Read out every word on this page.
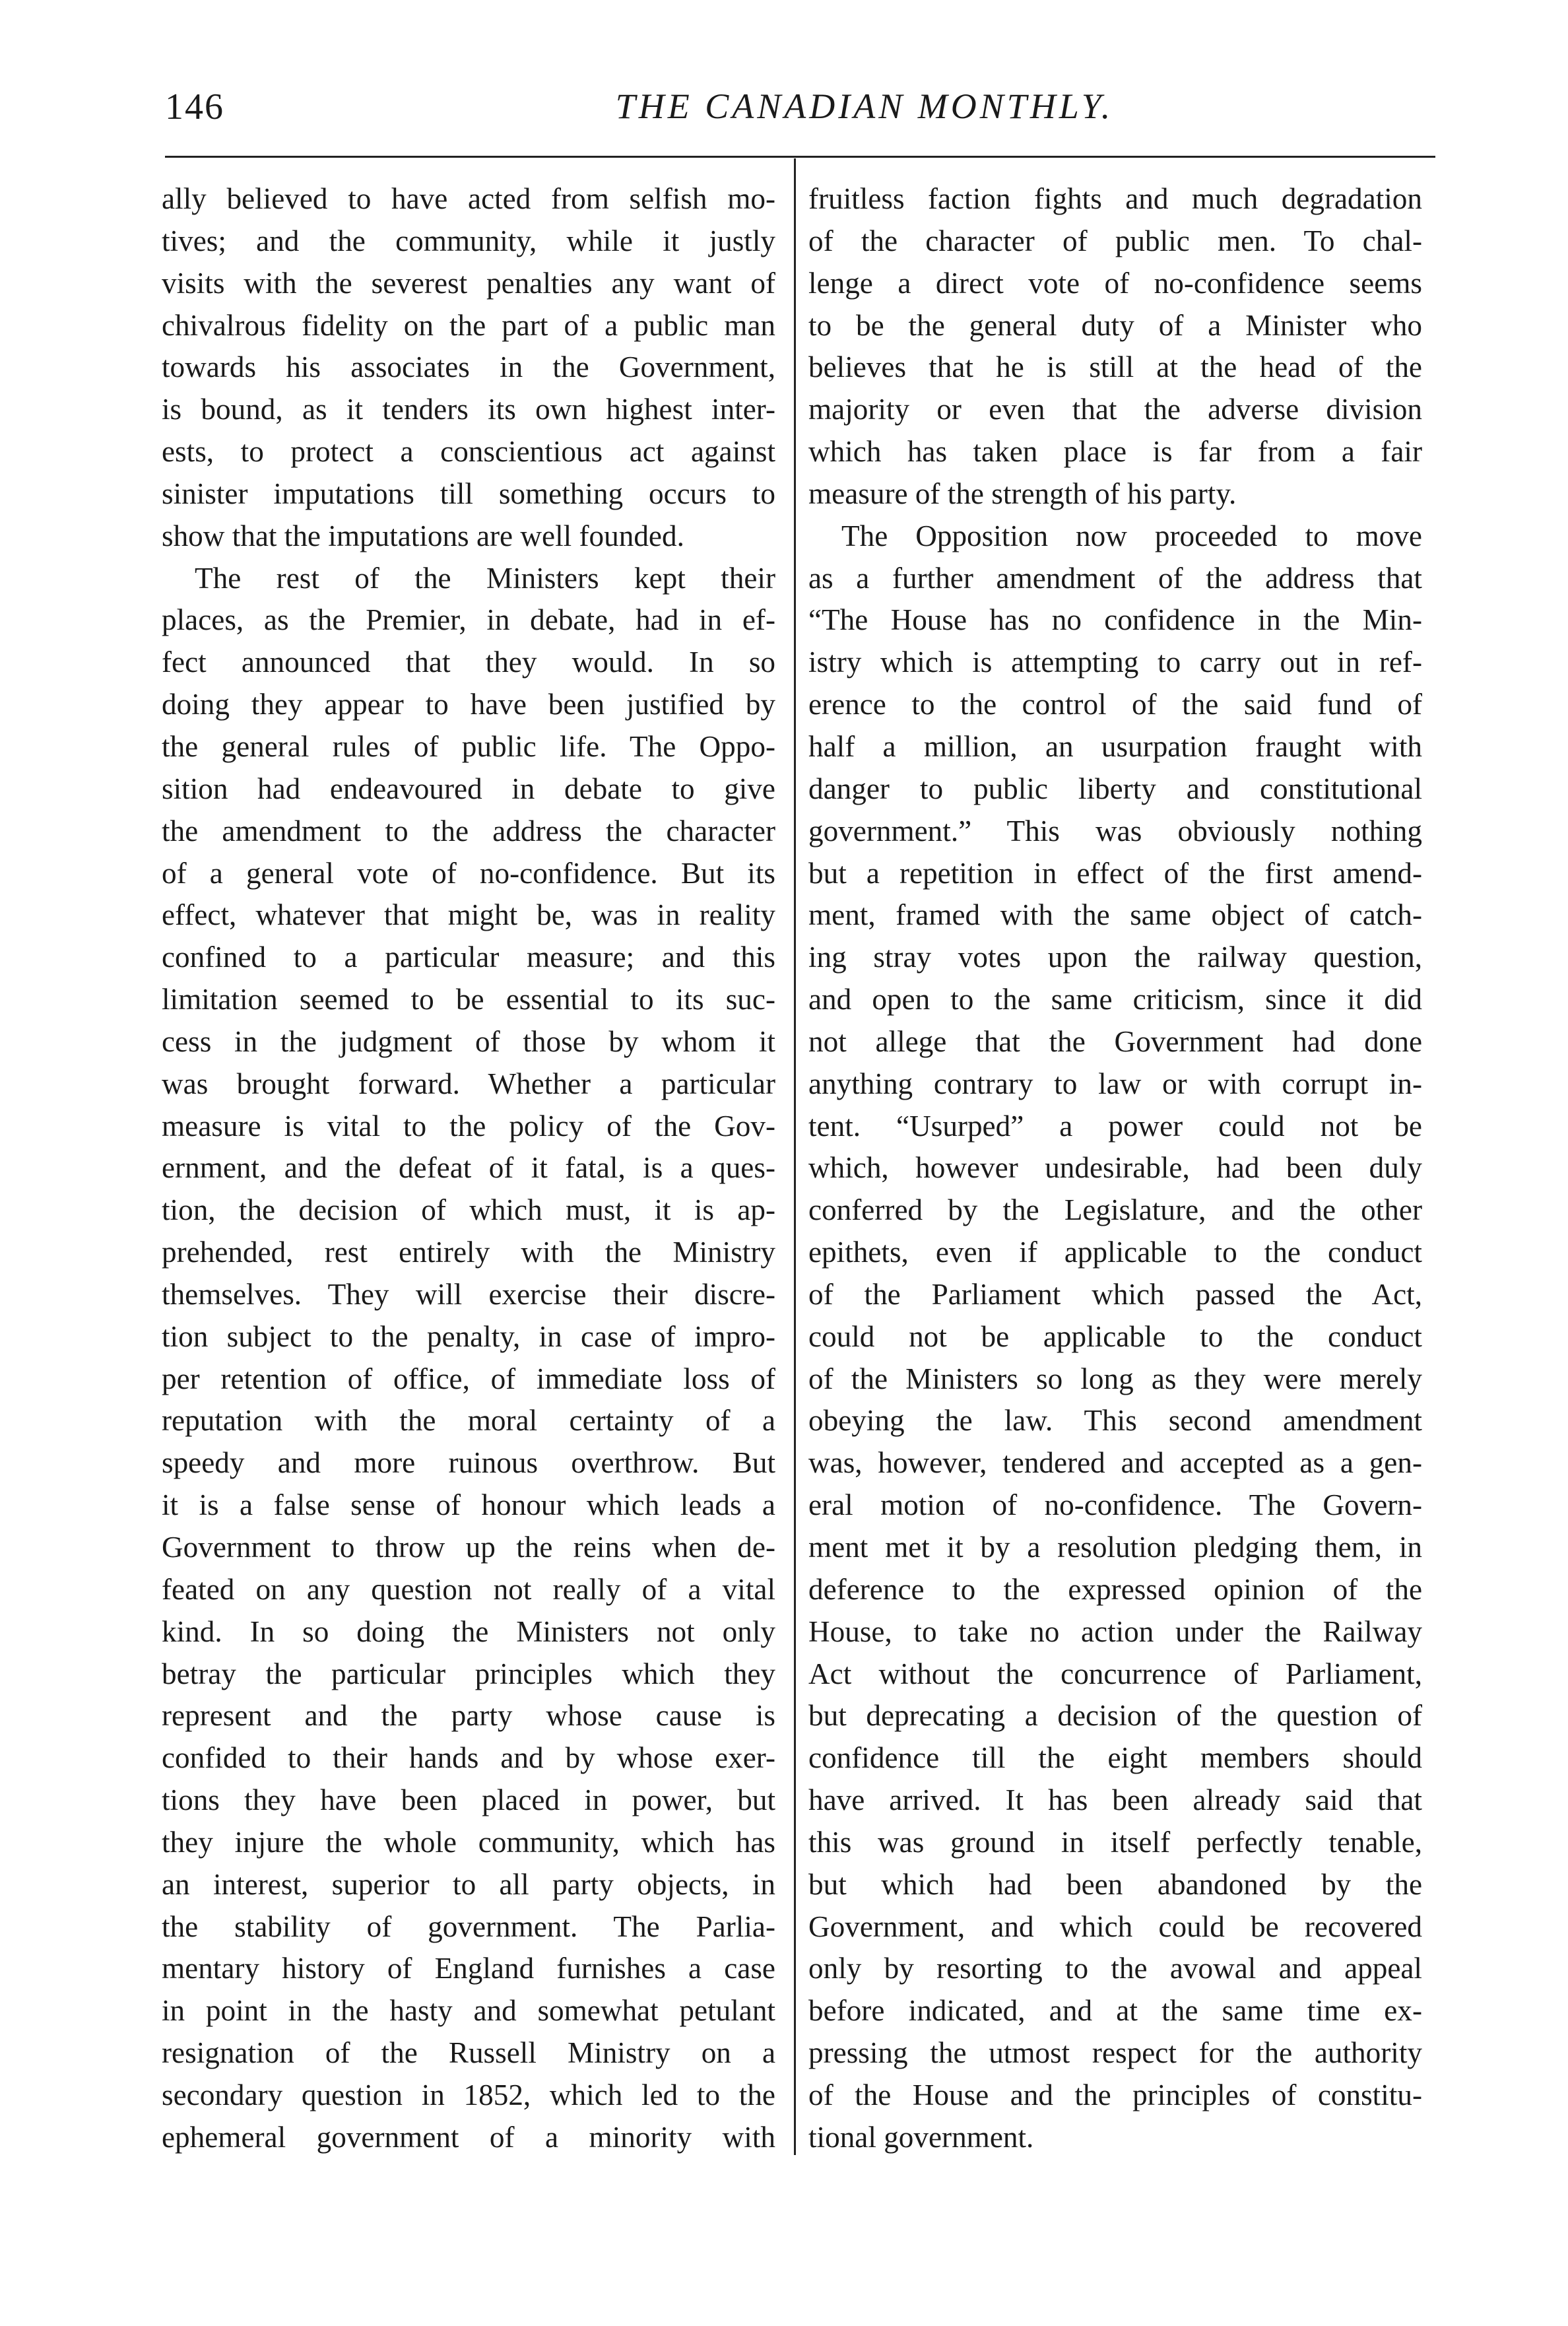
146	THE CANADIAN MONTHLY.

ally believed to have acted from selfish mo-

tives; and the community, while it justly

visits with the severest penalties any want of

chivalrous fidelity on the part of a public man

towards his associates in the Government,

is bound, as it tenders its own highest inter-

ests, to protect a conscientious act against

sinister imputations till something occurs to

show that the imputations are well founded.

The rest of the Ministers kept their

places, as the Premier, in debate, had in ef-

fect announced that they would. In so

doing they appear to have been justified by

the general rules of public life. The Oppo-

sition had endeavoured in debate to give

the amendment to the address the character

of a general vote of no-confidence. But its

effect, whatever that might be, was in reality

confined to a particular measure; and this

limitation seemed to be essential to its suc-

cess in the judgment of those by whom it

was brought forward. Whether a particular

measure is vital to the policy of the Gov-

ernment, and the defeat of it fatal, is a ques-

tion, the decision of which must, it is ap-

prehended, rest entirely with the Ministry

themselves. They will exercise their discre-

tion subject to the penalty, in case of impro-

per retention of office, of immediate loss of

reputation with the moral certainty of a

speedy and more ruinous overthrow. But

it is a false sense of honour which leads a

Government to throw up the reins when de-

feated on any question not really of a vital

kind. In so doing the Ministers not only

betray the particular principles which they

represent and the party whose cause is

confided to their hands and by whose exer-

tions they have been placed in power, but

they injure the whole community, which has

an interest, superior to all party objects, in

the stability of government. The Parlia-

mentary history of England furnishes a case

in point in the hasty and somewhat petulant

resignation of the Russell Ministry on a

secondary question in 1852, which led to the

ephemeral government of a minority with

fruitless faction fights and much degradation

of the character of public men. To chal-

lenge a direct vote of no-confidence seems

to be the general duty of a Minister who

believes that he is still at the head of the

majority or even that the adverse division

which has taken place is far from a fair

measure of the strength of his party.

The Opposition now proceeded to move

as a further amendment of the address that

“The House has no confidence in the Min-

istry which is attempting to carry out in ref-

erence to the control of the said fund of

half a million, an usurpation fraught with

danger to public liberty and constitutional

government.” This was obviously nothing

but a repetition in effect of the first amend-

ment, framed with the same object of catch-

ing stray votes upon the railway question,

and open to the same criticism, since it did

not allege that the Government had done

anything contrary to law or with corrupt in-

tent. “Usurped” a power could not be

which, however undesirable, had been duly

conferred by the Legislature, and the other

epithets, even if applicable to the conduct

of the Parliament which passed the Act,

could not be applicable to the conduct

of the Ministers so long as they were merely

obeying the law. This second amendment

was, however, tendered and accepted as a gen-

eral motion of no-confidence. The Govern-

ment met it by a resolution pledging them, in

deference to the expressed opinion of the

House, to take no action under the Railway

Act without the concurrence of Parliament,

but deprecating a decision of the question of

confidence till the eight members should

have arrived. It has been already said that

this was ground in itself perfectly tenable,

but which had been abandoned by the

Government, and which could be recovered

only by resorting to the avowal and appeal

before indicated, and at the same time ex-

pressing the utmost respect for the authority

of the House and the principles of constitu-

tional government.
